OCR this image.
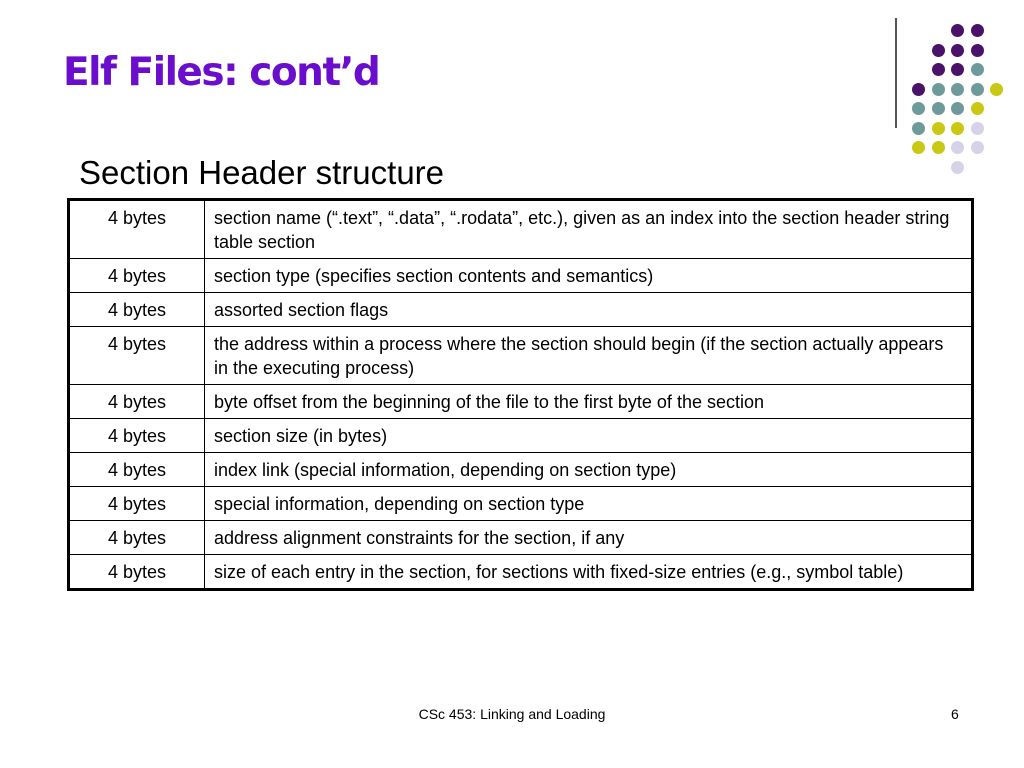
Elf Files: cont’d
Section Header structure
4 bytes	section name (“.text”, “.data”, “.rodata”, etc.), given as an index into the section header string table section
4 bytes	section type (specifies section contents and semantics)
4 bytes	assorted section flags
4 bytes	the address within a process where the section should begin (if the section actually appears in the executing process)
4 bytes	byte offset from the beginning of the file to the first byte of the section
4 bytes	section size (in bytes)
4 bytes	index link (special information, depending on section type)
4 bytes	special information, depending on section type
4 bytes	address alignment constraints for the section, if any
4 bytes	size of each entry in the section, for sections with fixed-size entries (e.g., symbol table)
CSc 453: Linking and Loading	6
